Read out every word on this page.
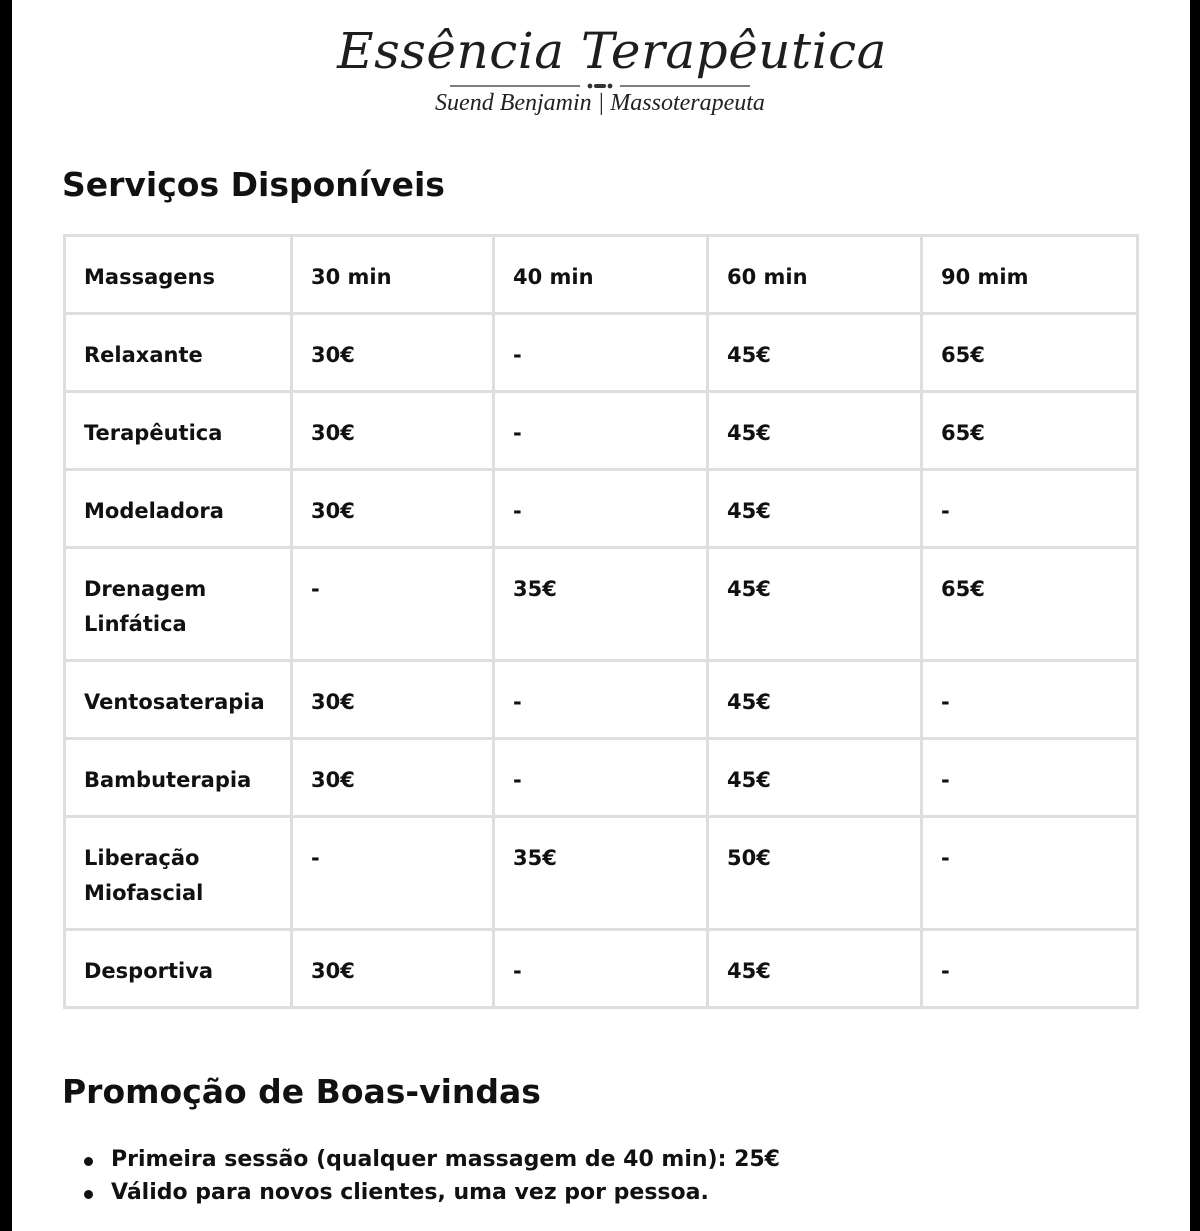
Essência Terapêutica
Suend Benjamin | Massoterapeuta
Serviços Disponíveis
Massagens	30 min	40 min	60 min	90 mim
Relaxante	30€	-	45€	65€
Terapêutica	30€	-	45€	65€
Modeladora	30€	-	45€	-
Drenagem Linfática	-	35€	45€	65€
Ventosaterapia	30€	-	45€	-
Bambuterapia	30€	-	45€	-
Liberação Miofascial	-	35€	50€	-
Desportiva	30€	-	45€	-
Promoção de Boas-vindas
Primeira sessão (qualquer massagem de 40 min): 25€
Válido para novos clientes, uma vez por pessoa.
